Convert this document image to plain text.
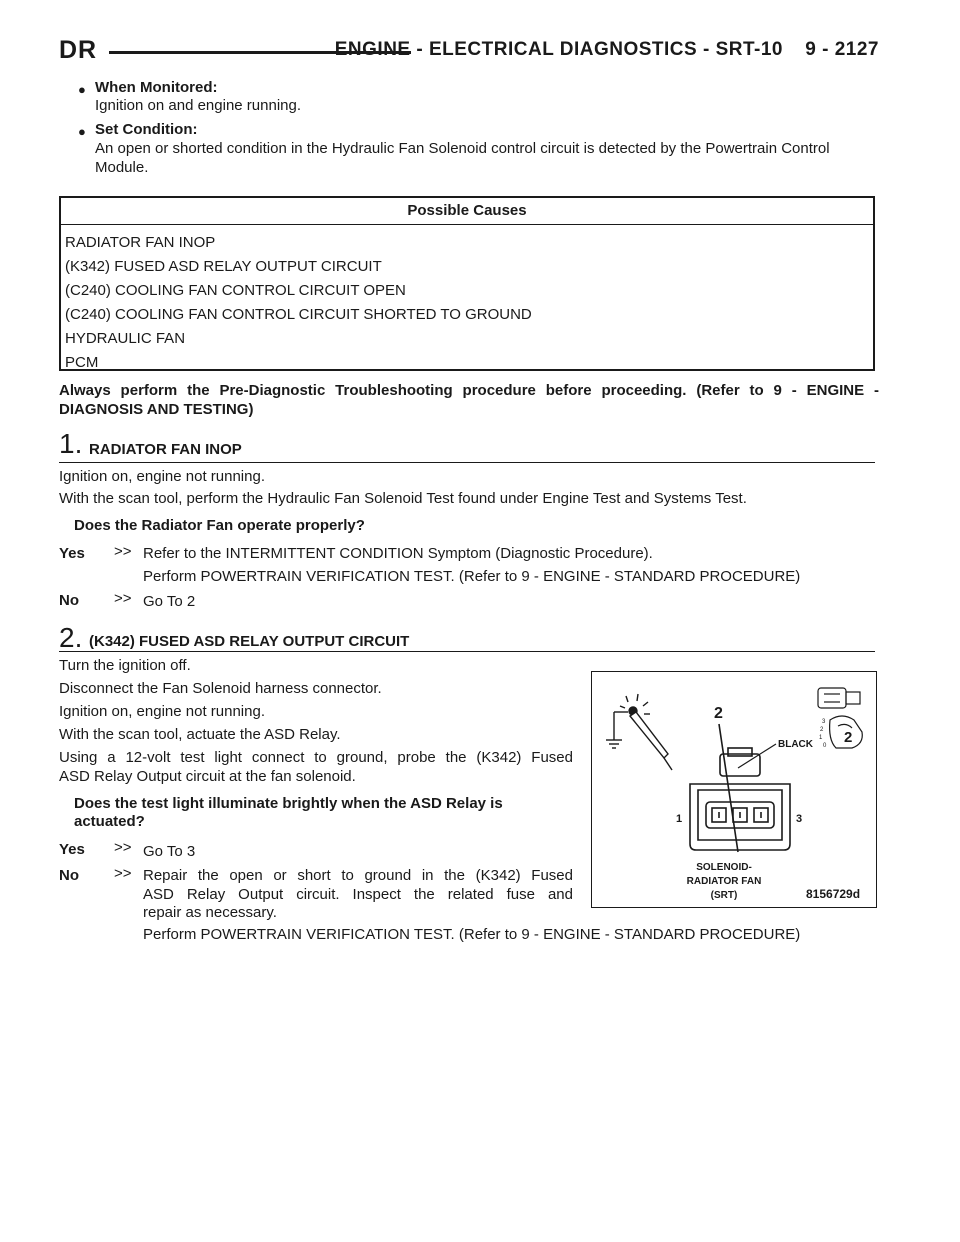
DR	ENGINE - ELECTRICAL DIAGNOSTICS - SRT-10 9 - 2127
● When Monitored:
Ignition on and engine running.
● Set Condition:
An open or shorted condition in the Hydraulic Fan Solenoid control circuit is detected by the Powertrain Control
Module.
Possible Causes
RADIATOR FAN INOP
(K342) FUSED ASD RELAY OUTPUT CIRCUIT
(C240) COOLING FAN CONTROL CIRCUIT OPEN
(C240) COOLING FAN CONTROL CIRCUIT SHORTED TO GROUND
HYDRAULIC FAN
PCM
Always perform the Pre-Diagnostic Troubleshooting procedure before proceeding. (Refer to 9 - ENGINE -
DIAGNOSIS AND TESTING)
1. RADIATOR FAN INOP
Ignition on, engine not running.
With the scan tool, perform the Hydraulic Fan Solenoid Test found under Engine Test and Systems Test.
Does the Radiator Fan operate properly?
Yes >> Refer to the INTERMITTENT CONDITION Symptom (Diagnostic Procedure).
Perform POWERTRAIN VERIFICATION TEST. (Refer to 9 - ENGINE - STANDARD PROCEDURE)
No >> Go To 2
2. (K342) FUSED ASD RELAY OUTPUT CIRCUIT
Turn the ignition off.
Disconnect the Fan Solenoid harness connector.
Ignition on, engine not running.
With the scan tool, actuate the ASD Relay.
Using a 12-volt test light connect to ground, probe the (K342) Fused
ASD Relay Output circuit at the fan solenoid.
Does the test light illuminate brightly when the ASD Relay is
actuated?
Yes >> Go To 3
No >> Repair the open or short to ground in the (K342) Fused
ASD Relay Output circuit. Inspect the related fuse and
repair as necessary.
Perform POWERTRAIN VERIFICATION TEST. (Refer to 9 - ENGINE - STANDARD PROCEDURE)
2
BLACK
1	3
3
2
1
0 2
SOLENOID-
RADIATOR FAN
(SRT)	8156729d
